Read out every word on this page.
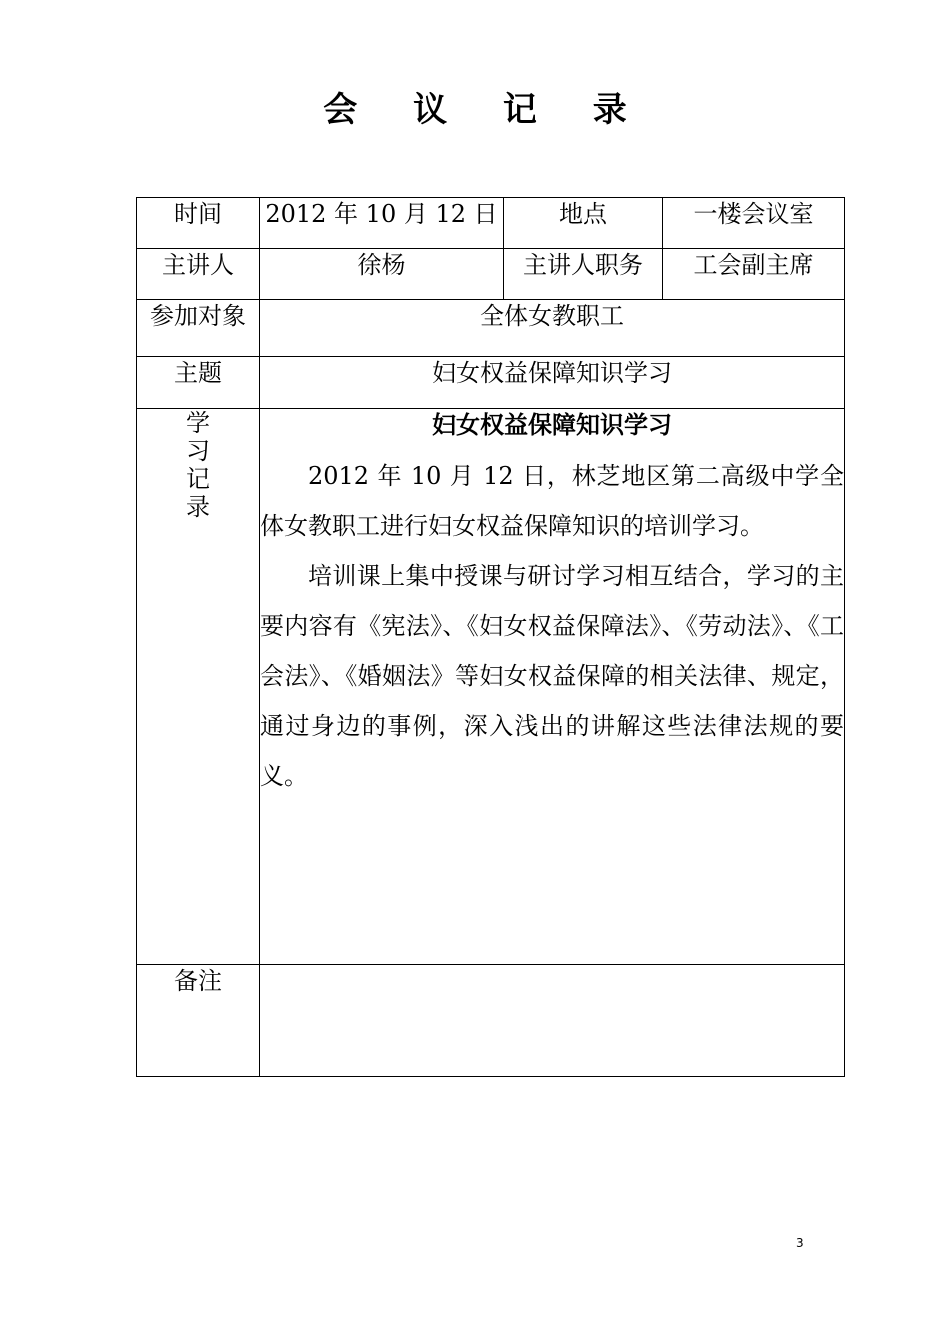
会 议 记 录
时间	2012 年 10 月 12 日	地点	一楼会议室
主讲人	徐杨	主讲人职务	工会副主席
参加对象	全体女教职工		
主题	妇女权益保障知识学习		
学习记录	妇女权益保障知识学习

2012 年 10 月 12 日，林芝地区第二高级中学全体女教职工进行妇女权益保障知识的培训学习。

培训课上集中授课与研讨学习相互结合，学习的主要内容有《宪法》、《妇女权益保障法》、《劳动法》、《工会法》、《婚姻法》等妇女权益保障的相关法律、规定，通过身边的事例，深入浅出的讲解这些法律法规的要义。		

备注			
3
